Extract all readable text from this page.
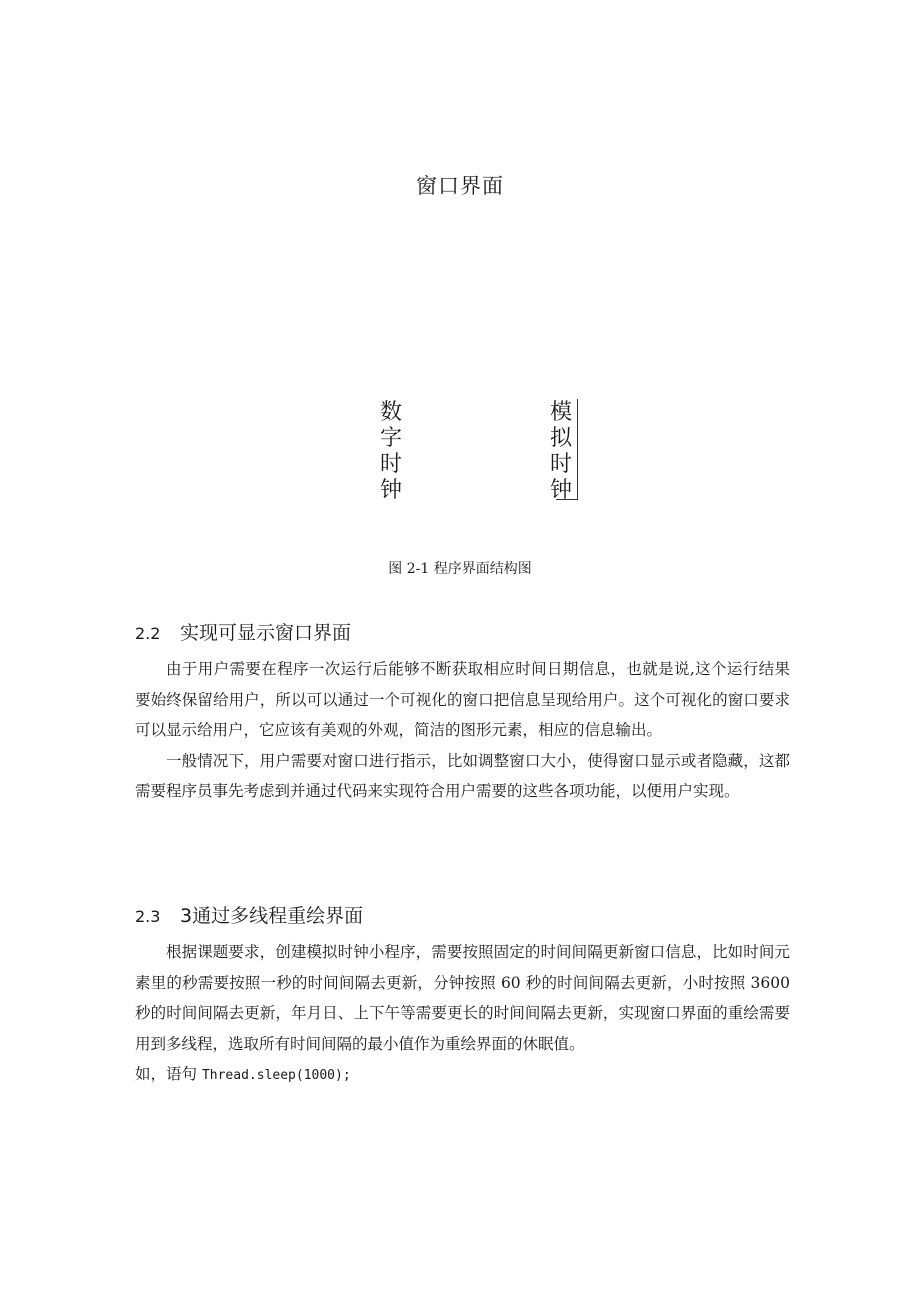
窗口界面
数
字
时
钟
模
拟
时
钟
图 2-1 程序界面结构图
2.2 实现可显示窗口界面

由于用户需要在程序一次运行后能够不断获取相应时间日期信息，也就是说,这个运行结果要始终保留给用户，所以可以通过一个可视化的窗口把信息呈现给用户。这个可视化的窗口要求可以显示给用户，它应该有美观的外观，简洁的图形元素，相应的信息输出。

一般情况下，用户需要对窗口进行指示，比如调整窗口大小，使得窗口显示或者隐藏，这都需要程序员事先考虑到并通过代码来实现符合用户需要的这些各项功能，以便用户实现。

2.3 3通过多线程重绘界面

根据课题要求，创建模拟时钟小程序，需要按照固定的时间间隔更新窗口信息，比如时间元素里的秒需要按照一秒的时间间隔去更新，分钟按照 60 秒的时间间隔去更新，小时按照 3600 秒的时间间隔去更新，年月日、上下午等需要更长的时间间隔去更新，实现窗口界面的重绘需要用到多线程，选取所有时间间隔的最小值作为重绘界面的休眠值。

如，语句 Thread.sleep(1000);
